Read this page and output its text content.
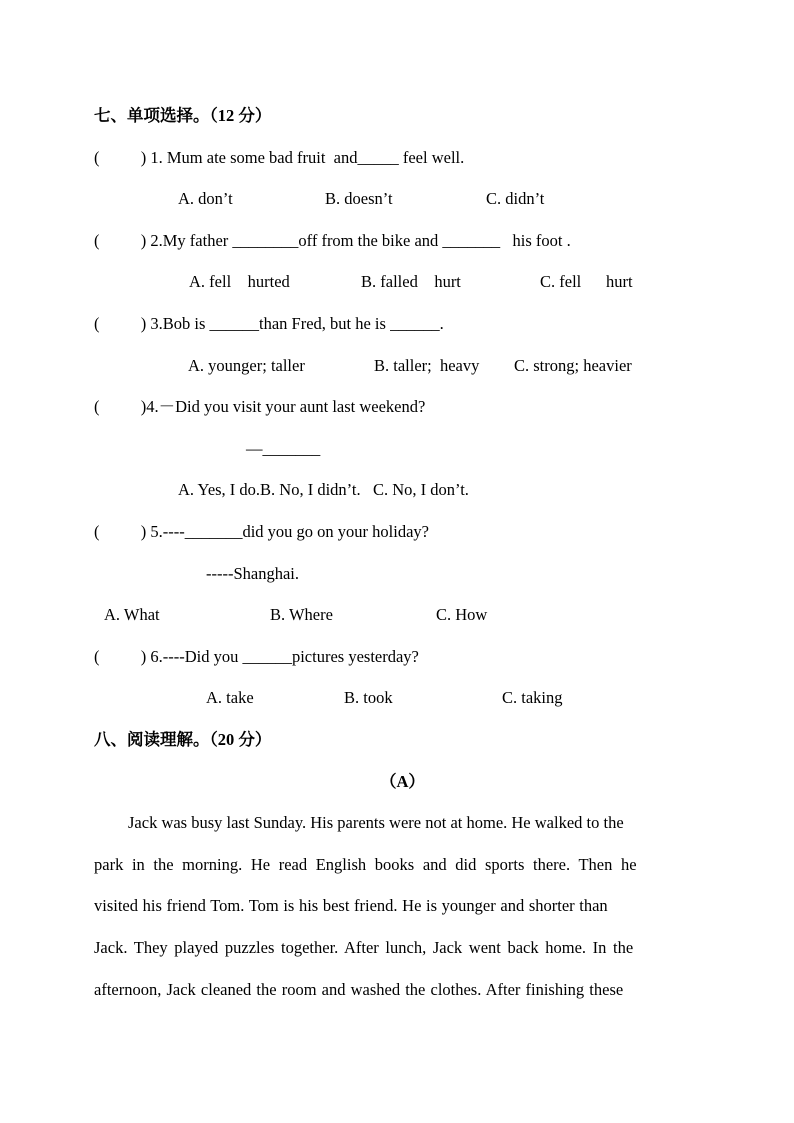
七、单项选择。（12 分）
(          ) 1. Mum ate some bad fruit  and_____ feel well.
A. don’t	B. doesn’t	C. didn’t
(          ) 2.My father ________off from the bike and _______   his foot .
A. fell    hurted	B. falled    hurt	C. fell      hurt
(          ) 3.Bob is ______than Fred, but he is ______.
A. younger; taller	B. taller;  heavy C. strong; heavier
(          )4.－Did you visit your aunt last weekend?
—_______
A. Yes, I do.B. No, I didn’t.   C. No, I don’t.
(          ) 5.----_______did you go on your holiday?
-----Shanghai.
A. What	B. Where	C. How
(          ) 6.----Did you ______pictures yesterday?
A. take	B. took	C. taking
八、阅读理解。（20 分）
（A）
Jack was busy last Sunday. His parents were not at home. He walked to the
park in the morning. He read English books and did sports there. Then he
visited his friend Tom. Tom is his best friend. He is younger and shorter than
Jack. They played puzzles together. After lunch, Jack went back home. In the
afternoon, Jack cleaned the room and washed the clothes. After finishing these
